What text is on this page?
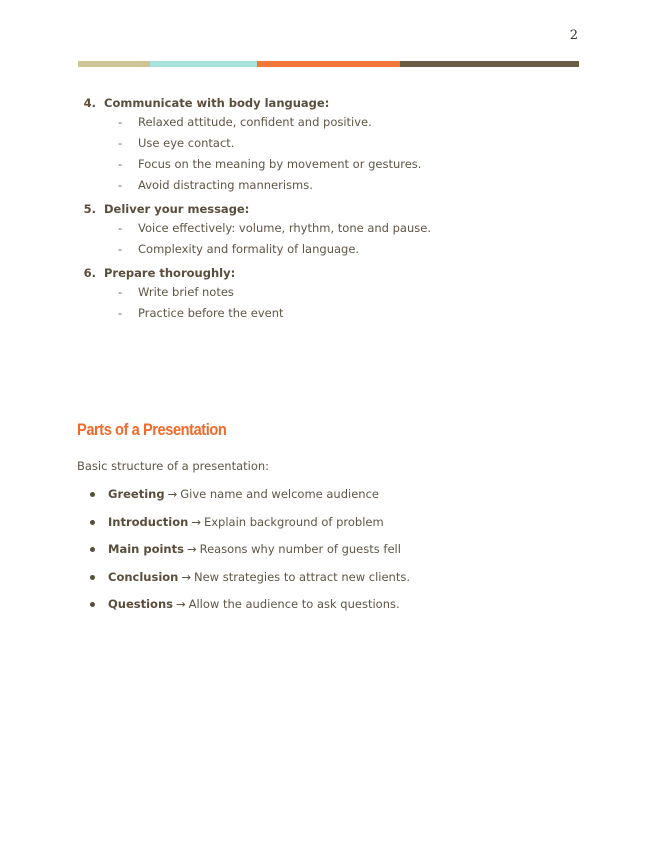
2
4. Communicate with body language:
-	Relaxed attitude, confident and positive.
-	Use eye contact.
-	Focus on the meaning by movement or gestures.
-	Avoid distracting mannerisms.
5. Deliver your message:
-	Voice effectively: volume, rhythm, tone and pause.
-	Complexity and formality of language.
6. Prepare thoroughly:
-	Write brief notes
-	Practice before the event
Parts of a Presentation
Basic structure of a presentation:
Greeting → Give name and welcome audience
Introduction → Explain background of problem
Main points → Reasons why number of guests fell
Conclusion → New strategies to attract new clients.
Questions → Allow the audience to ask questions.
